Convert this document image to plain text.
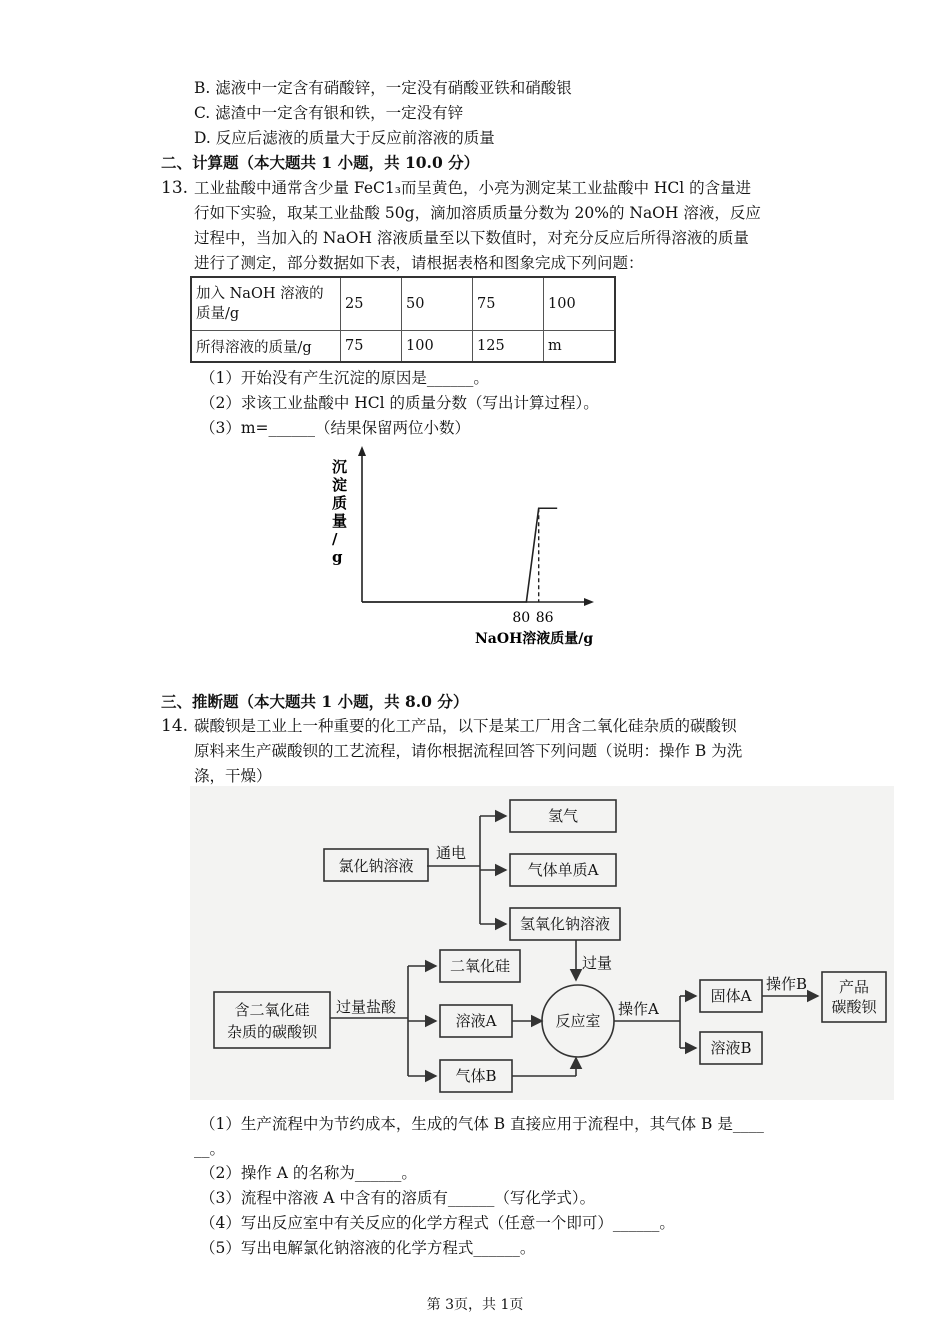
B. 滤液中一定含有硝酸锌，一定没有硝酸亚铁和硝酸银
C. 滤渣中一定含有银和铁，一定没有锌
D. 反应后滤液的质量大于反应前溶液的质量
二、计算题（本大题共 1 小题，共 10.0 分）
13. 工业盐酸中通常含少量 FeC1₃而呈黄色，小亮为测定某工业盐酸中 HCl 的含量进
行如下实验，取某工业盐酸 50g，滴加溶质质量分数为 20%的 NaOH 溶液，反应
过程中，当加入的 NaOH 溶液质量至以下数值时，对充分反应后所得溶液的质量
进行了测定，部分数据如下表，请根据表格和图象完成下列问题：
加入 NaOH 溶液的
质量/g	25	50	75	100
所得溶液的质量/g	75	100	125	m
（1）开始没有产生沉淀的原因是______。
（2）求该工业盐酸中 HCl 的质量分数（写出计算过程）。
（3）m=______（结果保留两位小数）
沉
淀
质
量
/
g
80 86
NaOH溶液质量/g
三、推断题（本大题共 1 小题，共 8.0 分）
14. 碳酸钡是工业上一种重要的化工产品，以下是某工厂用含二氧化硅杂质的碳酸钡
原料来生产碳酸钡的工艺流程，请你根据流程回答下列问题（说明：操作 B 为洗
涤，干燥）
氯化钠溶液
通电
氢气
气体单质A
氢氧化钠溶液
过量
含二氧化硅
杂质的碳酸钡
过量盐酸
二氧化硅
溶液A
气体B
反应室
操作A
固体A
溶液B
操作B 产品
碳酸钡
（1）生产流程中为节约成本，生成的气体 B 直接应用于流程中，其气体 B 是____
__。
（2）操作 A 的名称为______。
（3）流程中溶液 A 中含有的溶质有______（写化学式）。
（4）写出反应室中有关反应的化学方程式（任意一个即可）______。
（5）写出电解氯化钠溶液的化学方程式______。
第 3页，共 1页
